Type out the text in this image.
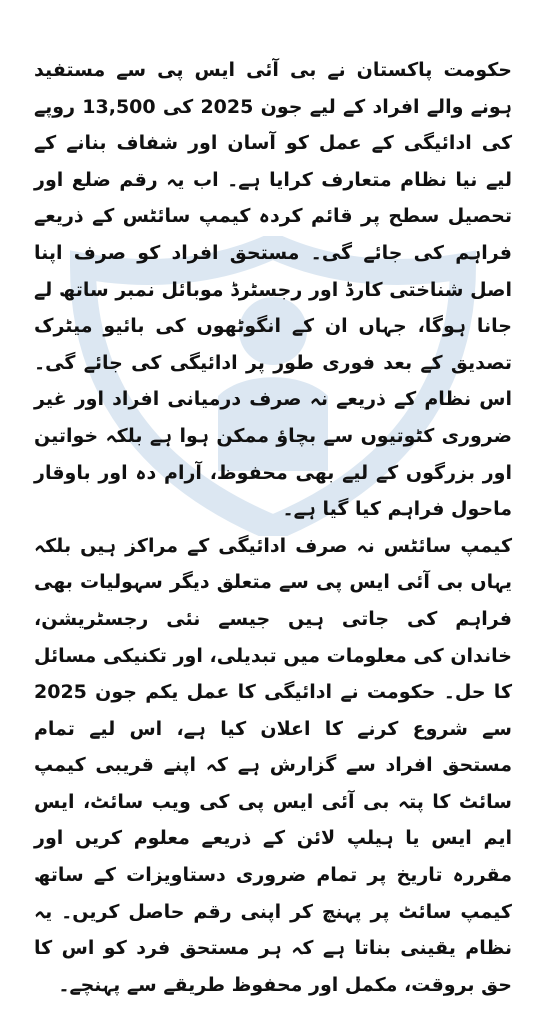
حکومت پاکستان نے بی آئی ایس پی سے مستفید ہونے والے افراد کے لیے جون 2025 کی 13,500 روپے کی ادائیگی کے عمل کو آسان اور شفاف بنانے کے لیے نیا نظام متعارف کرایا ہے۔ اب یہ رقم ضلع اور تحصیل سطح پر قائم کردہ کیمپ سائٹس کے ذریعے فراہم کی جائے گی۔ مستحق افراد کو صرف اپنا اصل شناختی کارڈ اور رجسٹرڈ موبائل نمبر ساتھ لے جانا ہوگا، جہاں ان کے انگوٹھوں کی بائیو میٹرک تصدیق کے بعد فوری طور پر ادائیگی کی جائے گی۔ اس نظام کے ذریعے نہ صرف درمیانی افراد اور غیر ضروری کٹوتیوں سے بچاؤ ممکن ہوا ہے بلکہ خواتین اور بزرگوں کے لیے بھی محفوظ، آرام دہ اور باوقار ماحول فراہم کیا گیا ہے۔

کیمپ سائٹس نہ صرف ادائیگی کے مراکز ہیں بلکہ یہاں بی آئی ایس پی سے متعلق دیگر سہولیات بھی فراہم کی جاتی ہیں جیسے نئی رجسٹریشن، خاندان کی معلومات میں تبدیلی، اور تکنیکی مسائل کا حل۔ حکومت نے ادائیگی کا عمل یکم جون 2025 سے شروع کرنے کا اعلان کیا ہے، اس لیے تمام مستحق افراد سے گزارش ہے کہ اپنے قریبی کیمپ سائٹ کا پتہ بی آئی ایس پی کی ویب سائٹ، ایس ایم ایس یا ہیلپ لائن کے ذریعے معلوم کریں اور مقررہ تاریخ پر تمام ضروری دستاویزات کے ساتھ کیمپ سائٹ پر پہنچ کر اپنی رقم حاصل کریں۔ یہ نظام یقینی بناتا ہے کہ ہر مستحق فرد کو اس کا حق بروقت، مکمل اور محفوظ طریقے سے پہنچے۔
